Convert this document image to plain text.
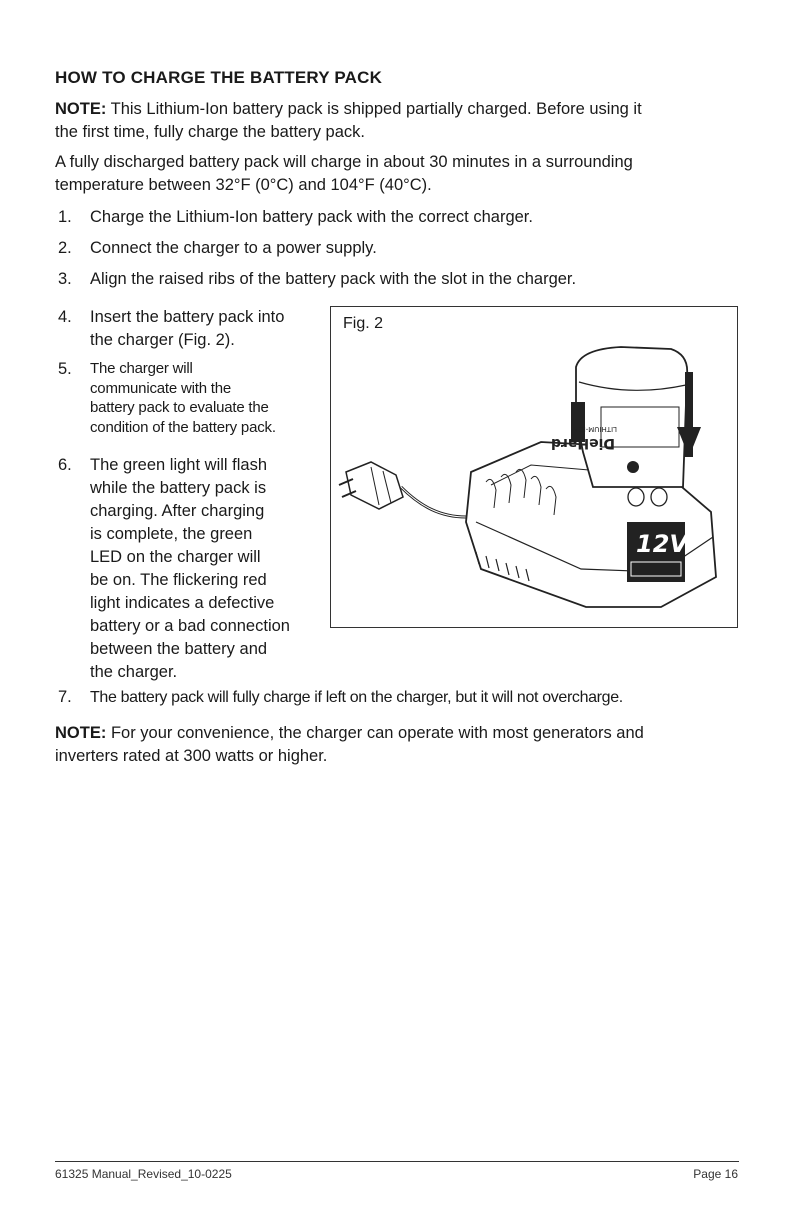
HOW TO CHARGE THE BATTERY PACK

NOTE: This Lithium-Ion battery pack is shipped partially charged. Before using it
the first time, fully charge the battery pack.

A fully discharged battery pack will charge in about 30 minutes in a surrounding
temperature between 32°F (0°C) and 104°F (40°C).

1. Charge the Lithium-Ion battery pack with the correct charger.
2. Connect the charger to a power supply.
3. Align the raised ribs of the battery pack with the slot in the charger.
4. Insert the battery pack into
the charger (Fig. 2).
5. The charger will
communicate with the
battery pack to evaluate the
condition of the battery pack.
6. The green light will flash
while the battery pack is
charging. After charging
is complete, the green
LED on the charger will
be on. The flickering red
light indicates a defective
battery or a bad connection
between the battery and
the charger.
7. The battery pack will fully charge if left on the charger, but it will not overcharge.

NOTE: For your convenience, the charger can operate with most generators and
inverters rated at 300 watts or higher.

Fig. 2
12V
LITHIUM-ION
DieHard
61325 Manual_Revised_10-0225	Page 16
